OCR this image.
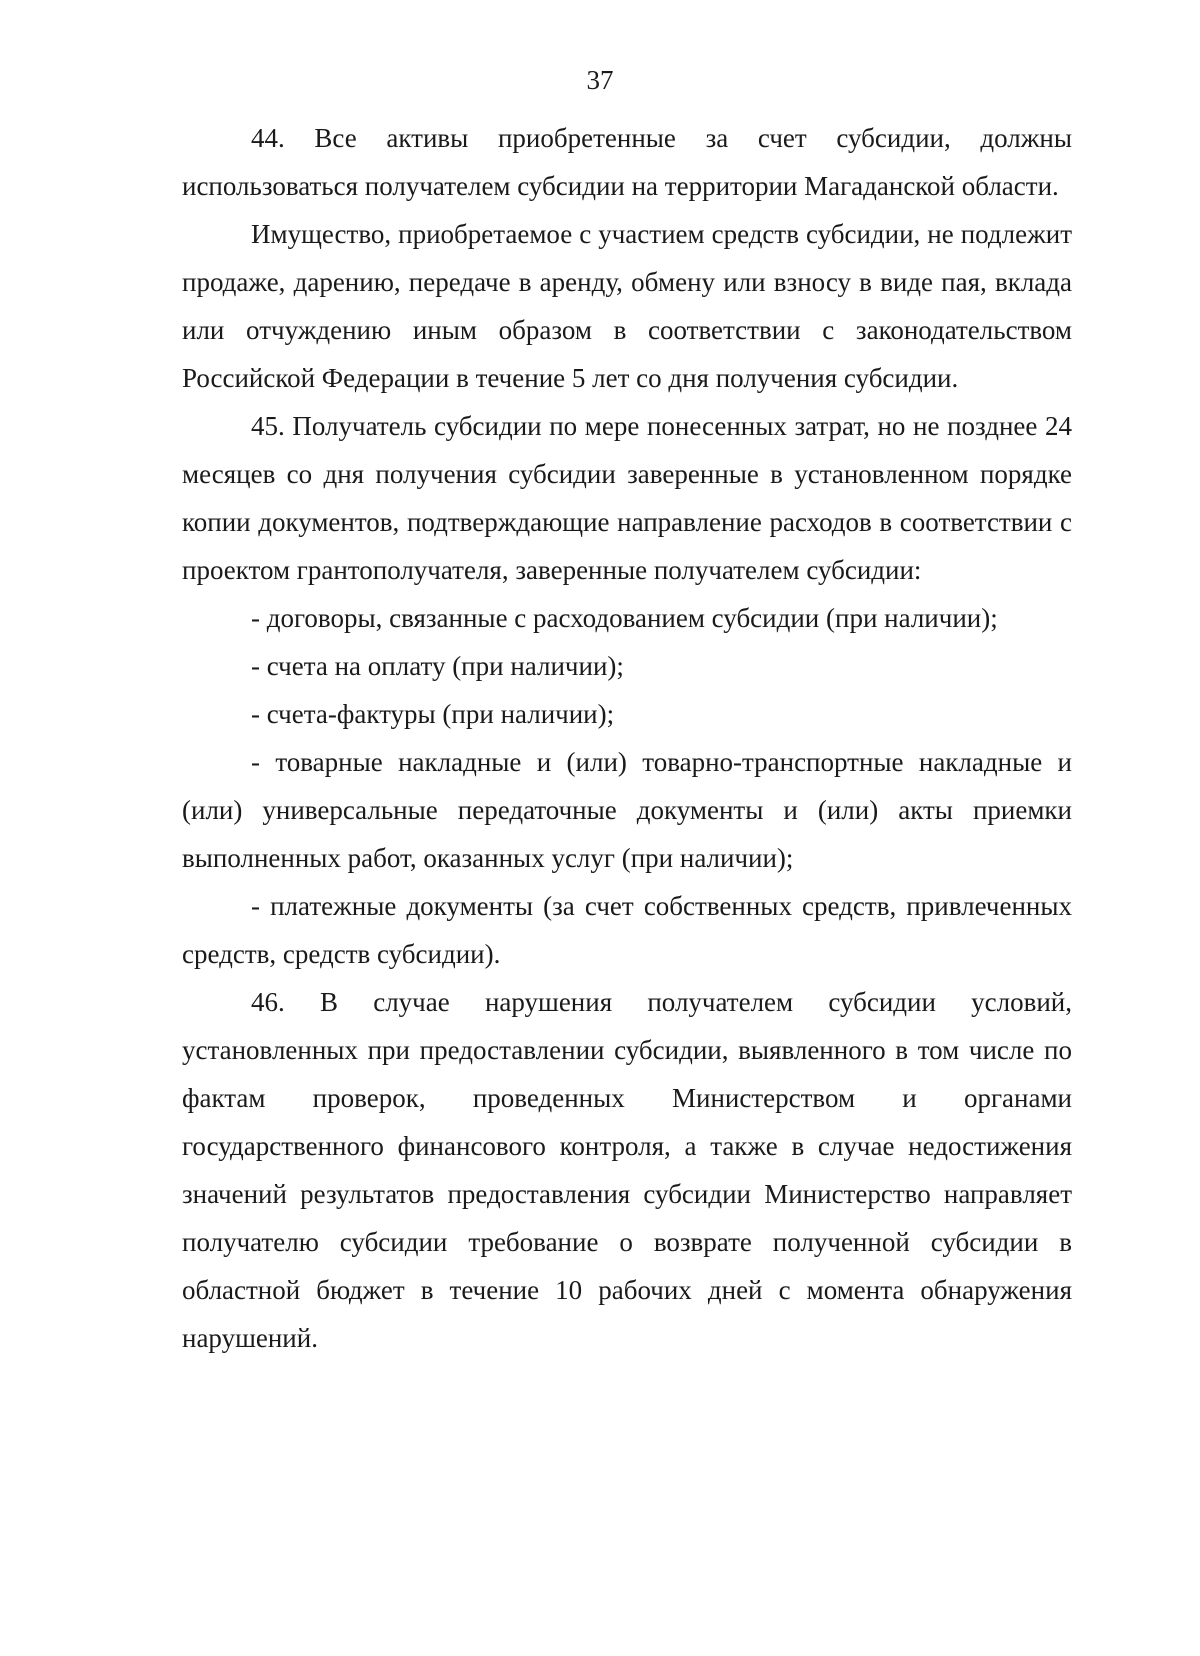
37

44. Все активы приобретенные за счет субсидии, должны использоваться получателем субсидии на территории Магаданской области.

Имущество, приобретаемое с участием средств субсидии, не подлежит продаже, дарению, передаче в аренду, обмену или взносу в виде пая, вклада или отчуждению иным образом в соответствии с законодательством Российской Федерации в течение 5 лет со дня получения субсидии.

45. Получатель субсидии по мере понесенных затрат, но не позднее 24 месяцев со дня получения субсидии заверенные в установленном порядке копии документов, подтверждающие направление расходов в соответствии с проектом грантополучателя, заверенные получателем субсидии:

- договоры, связанные с расходованием субсидии (при наличии);

- счета на оплату (при наличии);

- счета-фактуры (при наличии);

- товарные накладные и (или) товарно-транспортные накладные и (или) универсальные передаточные документы и (или) акты приемки выполненных работ, оказанных услуг (при наличии);

- платежные документы (за счет собственных средств, привлеченных средств, средств субсидии).

46. В случае нарушения получателем субсидии условий, установленных при предоставлении субсидии, выявленного в том числе по фактам проверок, проведенных Министерством и органами государственного финансового контроля, а также в случае недостижения значений результатов предоставления субсидии Министерство направляет получателю субсидии требование о возврате полученной субсидии в областной бюджет в течение 10 рабочих дней с момента обнаружения нарушений.
